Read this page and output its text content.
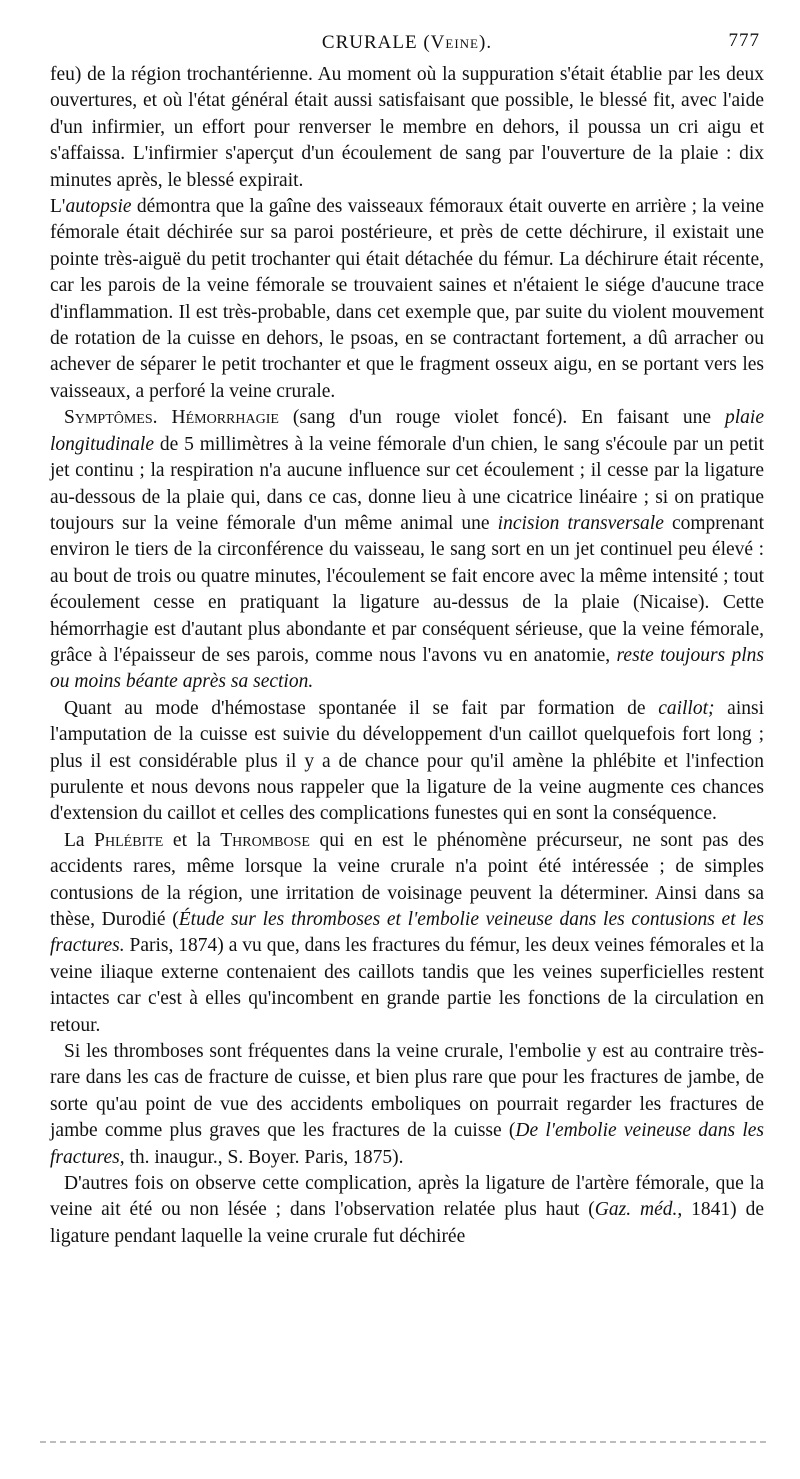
CRURALE (Veine).	777

feu) de la région trochantérienne. Au moment où la suppuration s'était établie par les deux ouvertures, et où l'état général était aussi satisfaisant que possible, le blessé fit, avec l'aide d'un infirmier, un effort pour renverser le membre en dehors, il poussa un cri aigu et s'affaissa. L'infirmier s'aperçut d'un écoulement de sang par l'ouverture de la plaie : dix minutes après, le blessé expirait.

L'autopsie démontra que la gaîne des vaisseaux fémoraux était ouverte en arrière ; la veine fémorale était déchirée sur sa paroi postérieure, et près de cette déchirure, il existait une pointe très-aiguë du petit trochanter qui était détachée du fémur. La déchirure était récente, car les parois de la veine fémorale se trouvaient saines et n'étaient le siége d'aucune trace d'inflammation. Il est très-probable, dans cet exemple que, par suite du violent mouvement de rotation de la cuisse en dehors, le psoas, en se contractant fortement, a dû arracher ou achever de séparer le petit trochanter et que le fragment osseux aigu, en se portant vers les vaisseaux, a perforé la veine crurale.

Symptômes. Hémorrhagie (sang d'un rouge violet foncé). En faisant une plaie longitudinale de 5 millimètres à la veine fémorale d'un chien, le sang s'écoule par un petit jet continu ; la respiration n'a aucune influence sur cet écoulement ; il cesse par la ligature au-dessous de la plaie qui, dans ce cas, donne lieu à une cicatrice linéaire ; si on pratique toujours sur la veine fémorale d'un même animal une incision transversale comprenant environ le tiers de la circonférence du vaisseau, le sang sort en un jet continuel peu élevé : au bout de trois ou quatre minutes, l'écoulement se fait encore avec la même intensité ; tout écoulement cesse en pratiquant la ligature au-dessus de la plaie (Nicaise). Cette hémorrhagie est d'autant plus abondante et par conséquent sérieuse, que la veine fémorale, grâce à l'épaisseur de ses parois, comme nous l'avons vu en anatomie, reste toujours plns ou moins béante après sa section.

Quant au mode d'hémostase spontanée il se fait par formation de caillot; ainsi l'amputation de la cuisse est suivie du développement d'un caillot quelquefois fort long ; plus il est considérable plus il y a de chance pour qu'il amène la phlébite et l'infection purulente et nous devons nous rappeler que la ligature de la veine augmente ces chances d'extension du caillot et celles des complications funestes qui en sont la conséquence.

La Phlébite et la Thrombose qui en est le phénomène précurseur, ne sont pas des accidents rares, même lorsque la veine crurale n'a point été intéressée ; de simples contusions de la région, une irritation de voisinage peuvent la déterminer. Ainsi dans sa thèse, Durodié (Étude sur les thromboses et l'embolie veineuse dans les contusions et les fractures. Paris, 1874) a vu que, dans les fractures du fémur, les deux veines fémorales et la veine iliaque externe contenaient des caillots tandis que les veines superficielles restent intactes car c'est à elles qu'incombent en grande partie les fonctions de la circulation en retour.

Si les thromboses sont fréquentes dans la veine crurale, l'embolie y est au contraire très-rare dans les cas de fracture de cuisse, et bien plus rare que pour les fractures de jambe, de sorte qu'au point de vue des accidents emboliques on pourrait regarder les fractures de jambe comme plus graves que les fractures de la cuisse (De l'embolie veineuse dans les fractures, th. inaugur., S. Boyer. Paris, 1875).

D'autres fois on observe cette complication, après la ligature de l'artère fémorale, que la veine ait été ou non lésée ; dans l'observation relatée plus haut (Gaz. méd., 1841) de ligature pendant laquelle la veine crurale fut déchirée
